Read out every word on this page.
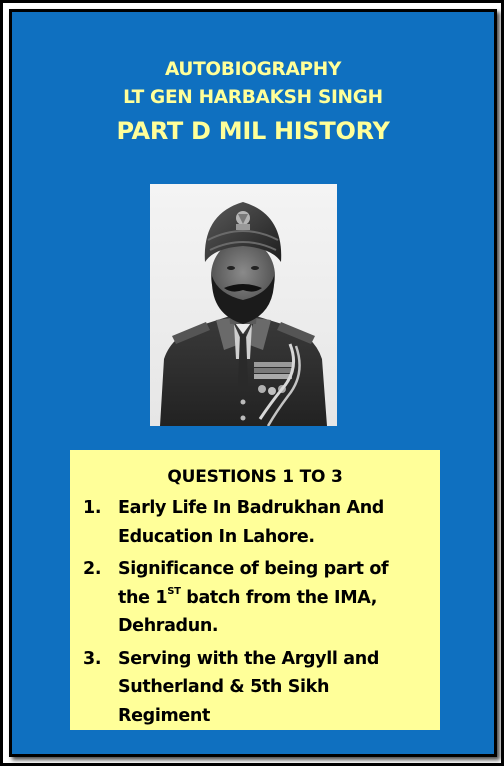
AUTOBIOGRAPHY
LT GEN HARBAKSH SINGH
PART D MIL HISTORY
QUESTIONS 1 TO 3
1. Early Life In Badrukhan And
Education In Lahore.
2. Significance of being part of
the 1ST batch from the IMA,
Dehradun.
3. Serving with the Argyll and
Sutherland & 5th Sikh
Regiment
